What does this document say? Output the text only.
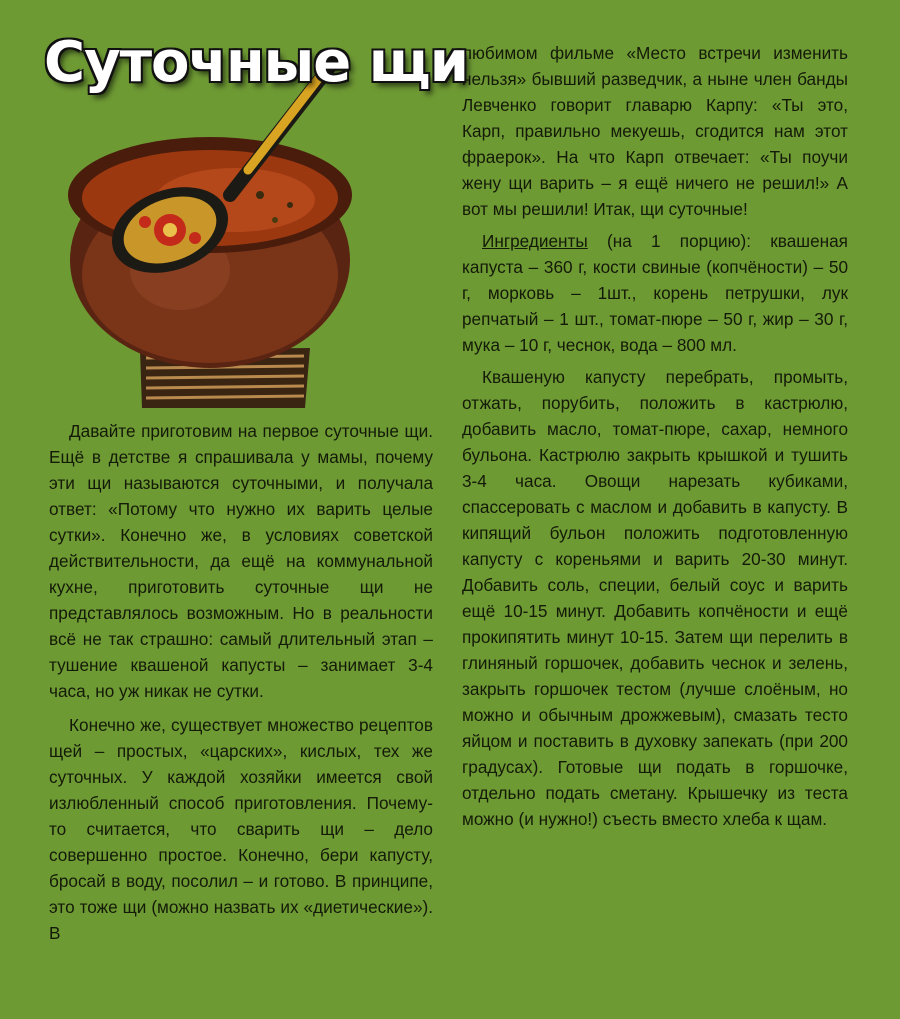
Суточные щи

Давайте приготовим на первое суточные щи. Ещё в детстве я спрашивала у мамы, почему эти щи называются суточными, и получала ответ: «Потому что нужно их варить целые сутки». Конечно же, в условиях советской действительности, да ещё на коммунальной кухне, приготовить суточные щи не представлялось возможным. Но в реальности всё не так страшно: самый длительный этап – тушение квашеной капусты – занимает 3-4 часа, но уж никак не сутки.

Конечно же, существует множество рецептов щей – простых, «царских», кислых, тех же суточных. У каждой хозяйки имеется свой излюбленный способ приготовления. Почему-то считается, что сварить щи – дело совершенно простое. Конечно, бери капусту, бросай в воду, посолил – и готово. В принципе, это тоже щи (можно назвать их «диетические»). В

любимом фильме «Место встречи изменить нельзя» бывший разведчик, а ныне член банды Левченко говорит главарю Карпу: «Ты это, Карп, правильно мекуешь, сгодится нам этот фраерок». На что Карп отвечает: «Ты поучи жену щи варить – я ещё ничего не решил!» А вот мы решили! Итак, щи суточные!

Ингредиенты (на 1 порцию): квашеная капуста – 360 г, кости свиные (копчёности) – 50 г, морковь – 1шт., корень петрушки, лук репчатый – 1 шт., томат-пюре – 50 г, жир – 30 г, мука – 10 г, чеснок, вода – 800 мл.

Квашеную капусту перебрать, промыть, отжать, порубить, положить в кастрюлю, добавить масло, томат-пюре, сахар, немного бульона. Кастрюлю закрыть крышкой и тушить 3-4 часа. Овощи нарезать кубиками, спассеровать с маслом и добавить в капусту. В кипящий бульон положить подготовленную капусту с кореньями и варить 20-30 минут. Добавить соль, специи, белый соус и варить ещё 10-15 минут. Добавить копчёности и ещё прокипятить минут 10-15. Затем щи перелить в глиняный горшочек, добавить чеснок и зелень, закрыть горшочек тестом (лучше слоёным, но можно и обычным дрожжевым), смазать тесто яйцом и поставить в духовку запекать (при 200 градусах). Готовые щи подать в горшочке, отдельно подать сметану. Крышечку из теста можно (и нужно!) съесть вместо хлеба к щам.
